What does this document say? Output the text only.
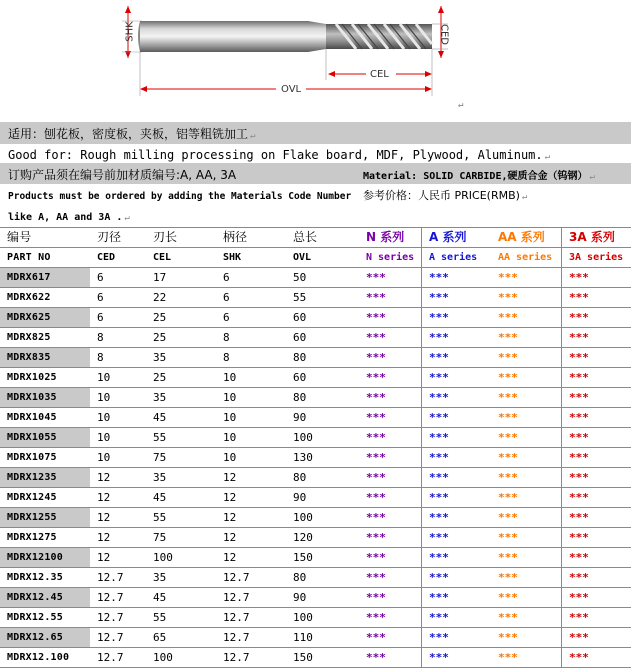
SHK	CED
CEL
OVL
↵
适用：刨花板，密度板，夹板，铝等粗铣加工 ↵
Good for: Rough milling processing on Flake board, MDF, Plywood, Aluminum. ↵
订购产品须在编号前加材质编号:A, AA, 3A	Material: SOLID CARBIDE,硬质合金（钨钢） ↵
Products must be ordered by adding the Materials Code Number 参考价格：人民币 PRICE(RMB) ↵
like A, AA and 3A . ↵
编号	刃径	刃长	柄径	总长	N 系列	A 系列	AA 系列	3A 系列
PART NO	CED	CEL	SHK	OVL	N series	A series	AA series	3A series
MDRX617	6	17	6	50	***	***	***	***
MDRX622	6	22	6	55	***	***	***	***
MDRX625	6	25	6	60	***	***	***	***
MDRX825	8	25	8	60	***	***	***	***
MDRX835	8	35	8	80	***	***	***	***
MDRX1025	10	25	10	60	***	***	***	***
MDRX1035	10	35	10	80	***	***	***	***
MDRX1045	10	45	10	90	***	***	***	***
MDRX1055	10	55	10	100	***	***	***	***
MDRX1075	10	75	10	130	***	***	***	***
MDRX1235	12	35	12	80	***	***	***	***
MDRX1245	12	45	12	90	***	***	***	***
MDRX1255	12	55	12	100	***	***	***	***
MDRX1275	12	75	12	120	***	***	***	***
MDRX12100	12	100	12	150	***	***	***	***
MDRX12.35	12.7	35	12.7	80	***	***	***	***
MDRX12.45	12.7	45	12.7	90	***	***	***	***
MDRX12.55	12.7	55	12.7	100	***	***	***	***
MDRX12.65	12.7	65	12.7	110	***	***	***	***
MDRX12.100	12.7	100	12.7	150	***	***	***	***
